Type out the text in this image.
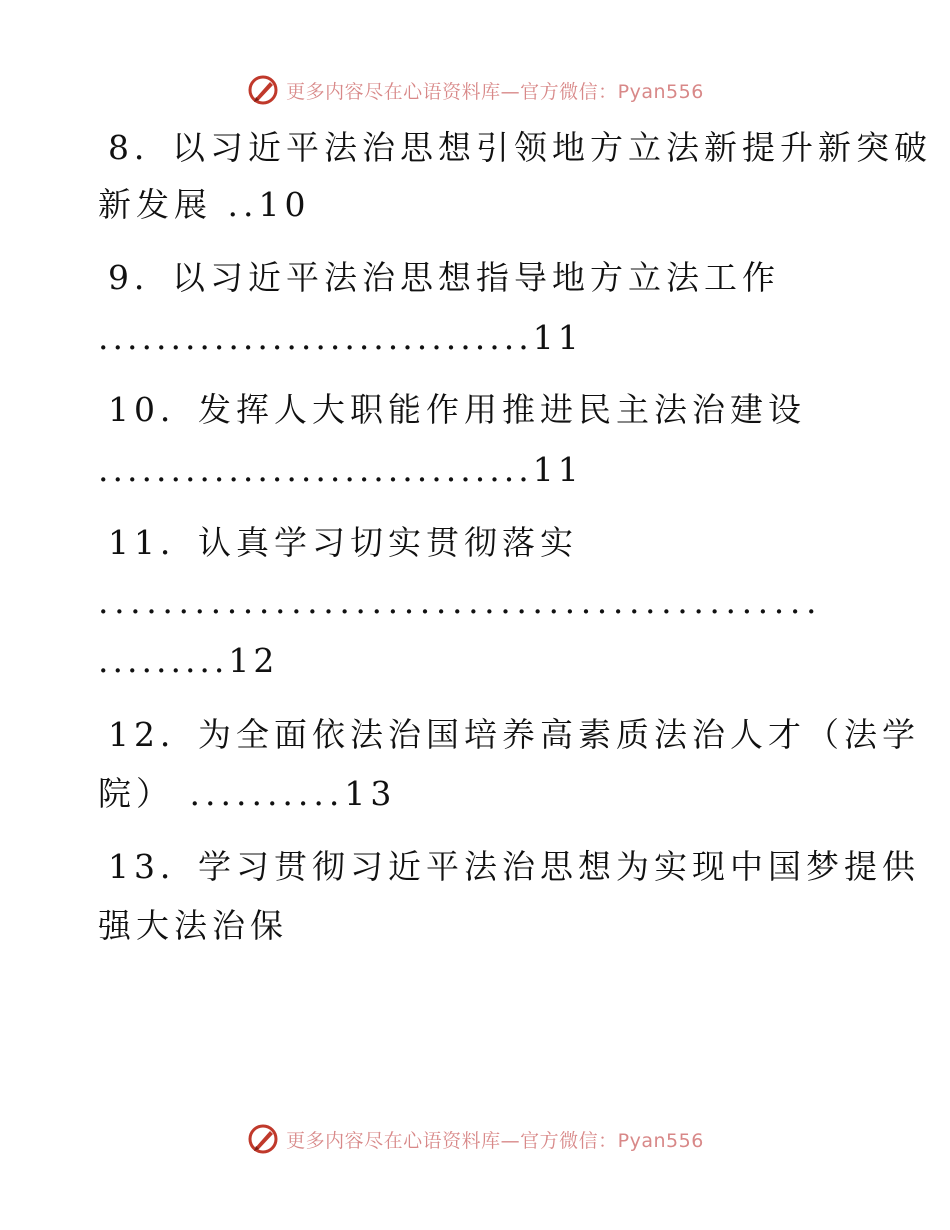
更多内容尽在心语资料库—官方微信：Pyan556
8．以习近平法治思想引领地方立法新提升新突破
新发展 ..10
9．以习近平法治思想指导地方立法工作
..............................11
10．发挥人大职能作用推进民主法治建设
..............................11
11．认真学习切实贯彻落实
.............................................
.........12
12．为全面依法治国培养高素质法治人才（法学
院） ..........13
13．学习贯彻习近平法治思想为实现中国梦提供
强大法治保
更多内容尽在心语资料库—官方微信：Pyan556
